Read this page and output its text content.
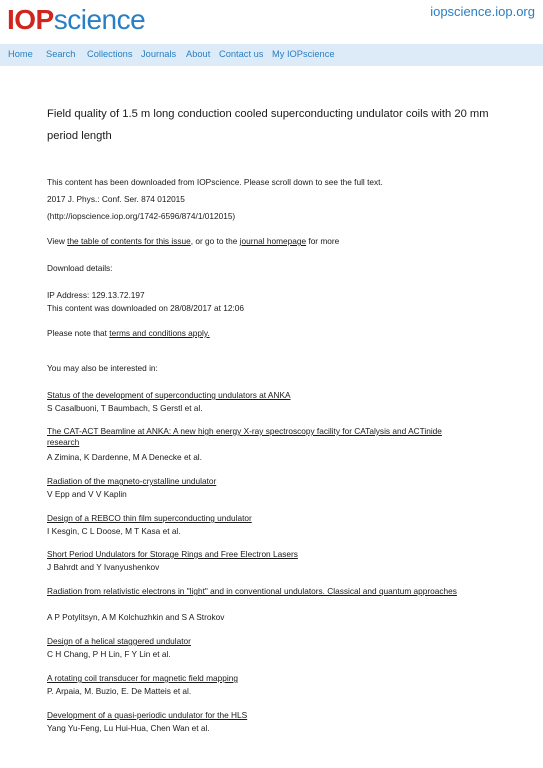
IOPscience	iopscience.iop.org
Home Search Collections Journals About Contact us My IOPscience
Field quality of 1.5 m long conduction cooled superconducting undulator coils with 20 mm
period length
This content has been downloaded from IOPscience. Please scroll down to see the full text.
2017 J. Phys.: Conf. Ser. 874 012015
(http://iopscience.iop.org/1742-6596/874/1/012015)
View the table of contents for this issue, or go to the journal homepage for more
Download details:
IP Address: 129.13.72.197
This content was downloaded on 28/08/2017 at 12:06
Please note that terms and conditions apply.
You may also be interested in:
Status of the development of superconducting undulators at ANKA
S Casalbuoni, T Baumbach, S Gerstl et al.
The CAT-ACT Beamline at ANKA: A new high energy X-ray spectroscopy facility for CATalysis and ACTinide research
A Zimina, K Dardenne, M A Denecke et al.
Radiation of the magneto-crystalline undulator
V Epp and V V Kaplin
Design of a REBCO thin film superconducting undulator
I Kesgin, C L Doose, M T Kasa et al.
Short Period Undulators for Storage Rings and Free Electron Lasers
J Bahrdt and Y Ivanyushenkov
Radiation from relativistic electrons in "light" and in conventional undulators. Classical and quantum approaches
A P Potylitsyn, A M Kolchuzhkin and S A Strokov
Design of a helical staggered undulator
C H Chang, P H Lin, F Y Lin et al.
A rotating coil transducer for magnetic field mapping
P. Arpaia, M. Buzio, E. De Matteis et al.
Development of a quasi-periodic undulator for the HLS
Yang Yu-Feng, Lu Hui-Hua, Chen Wan et al.
